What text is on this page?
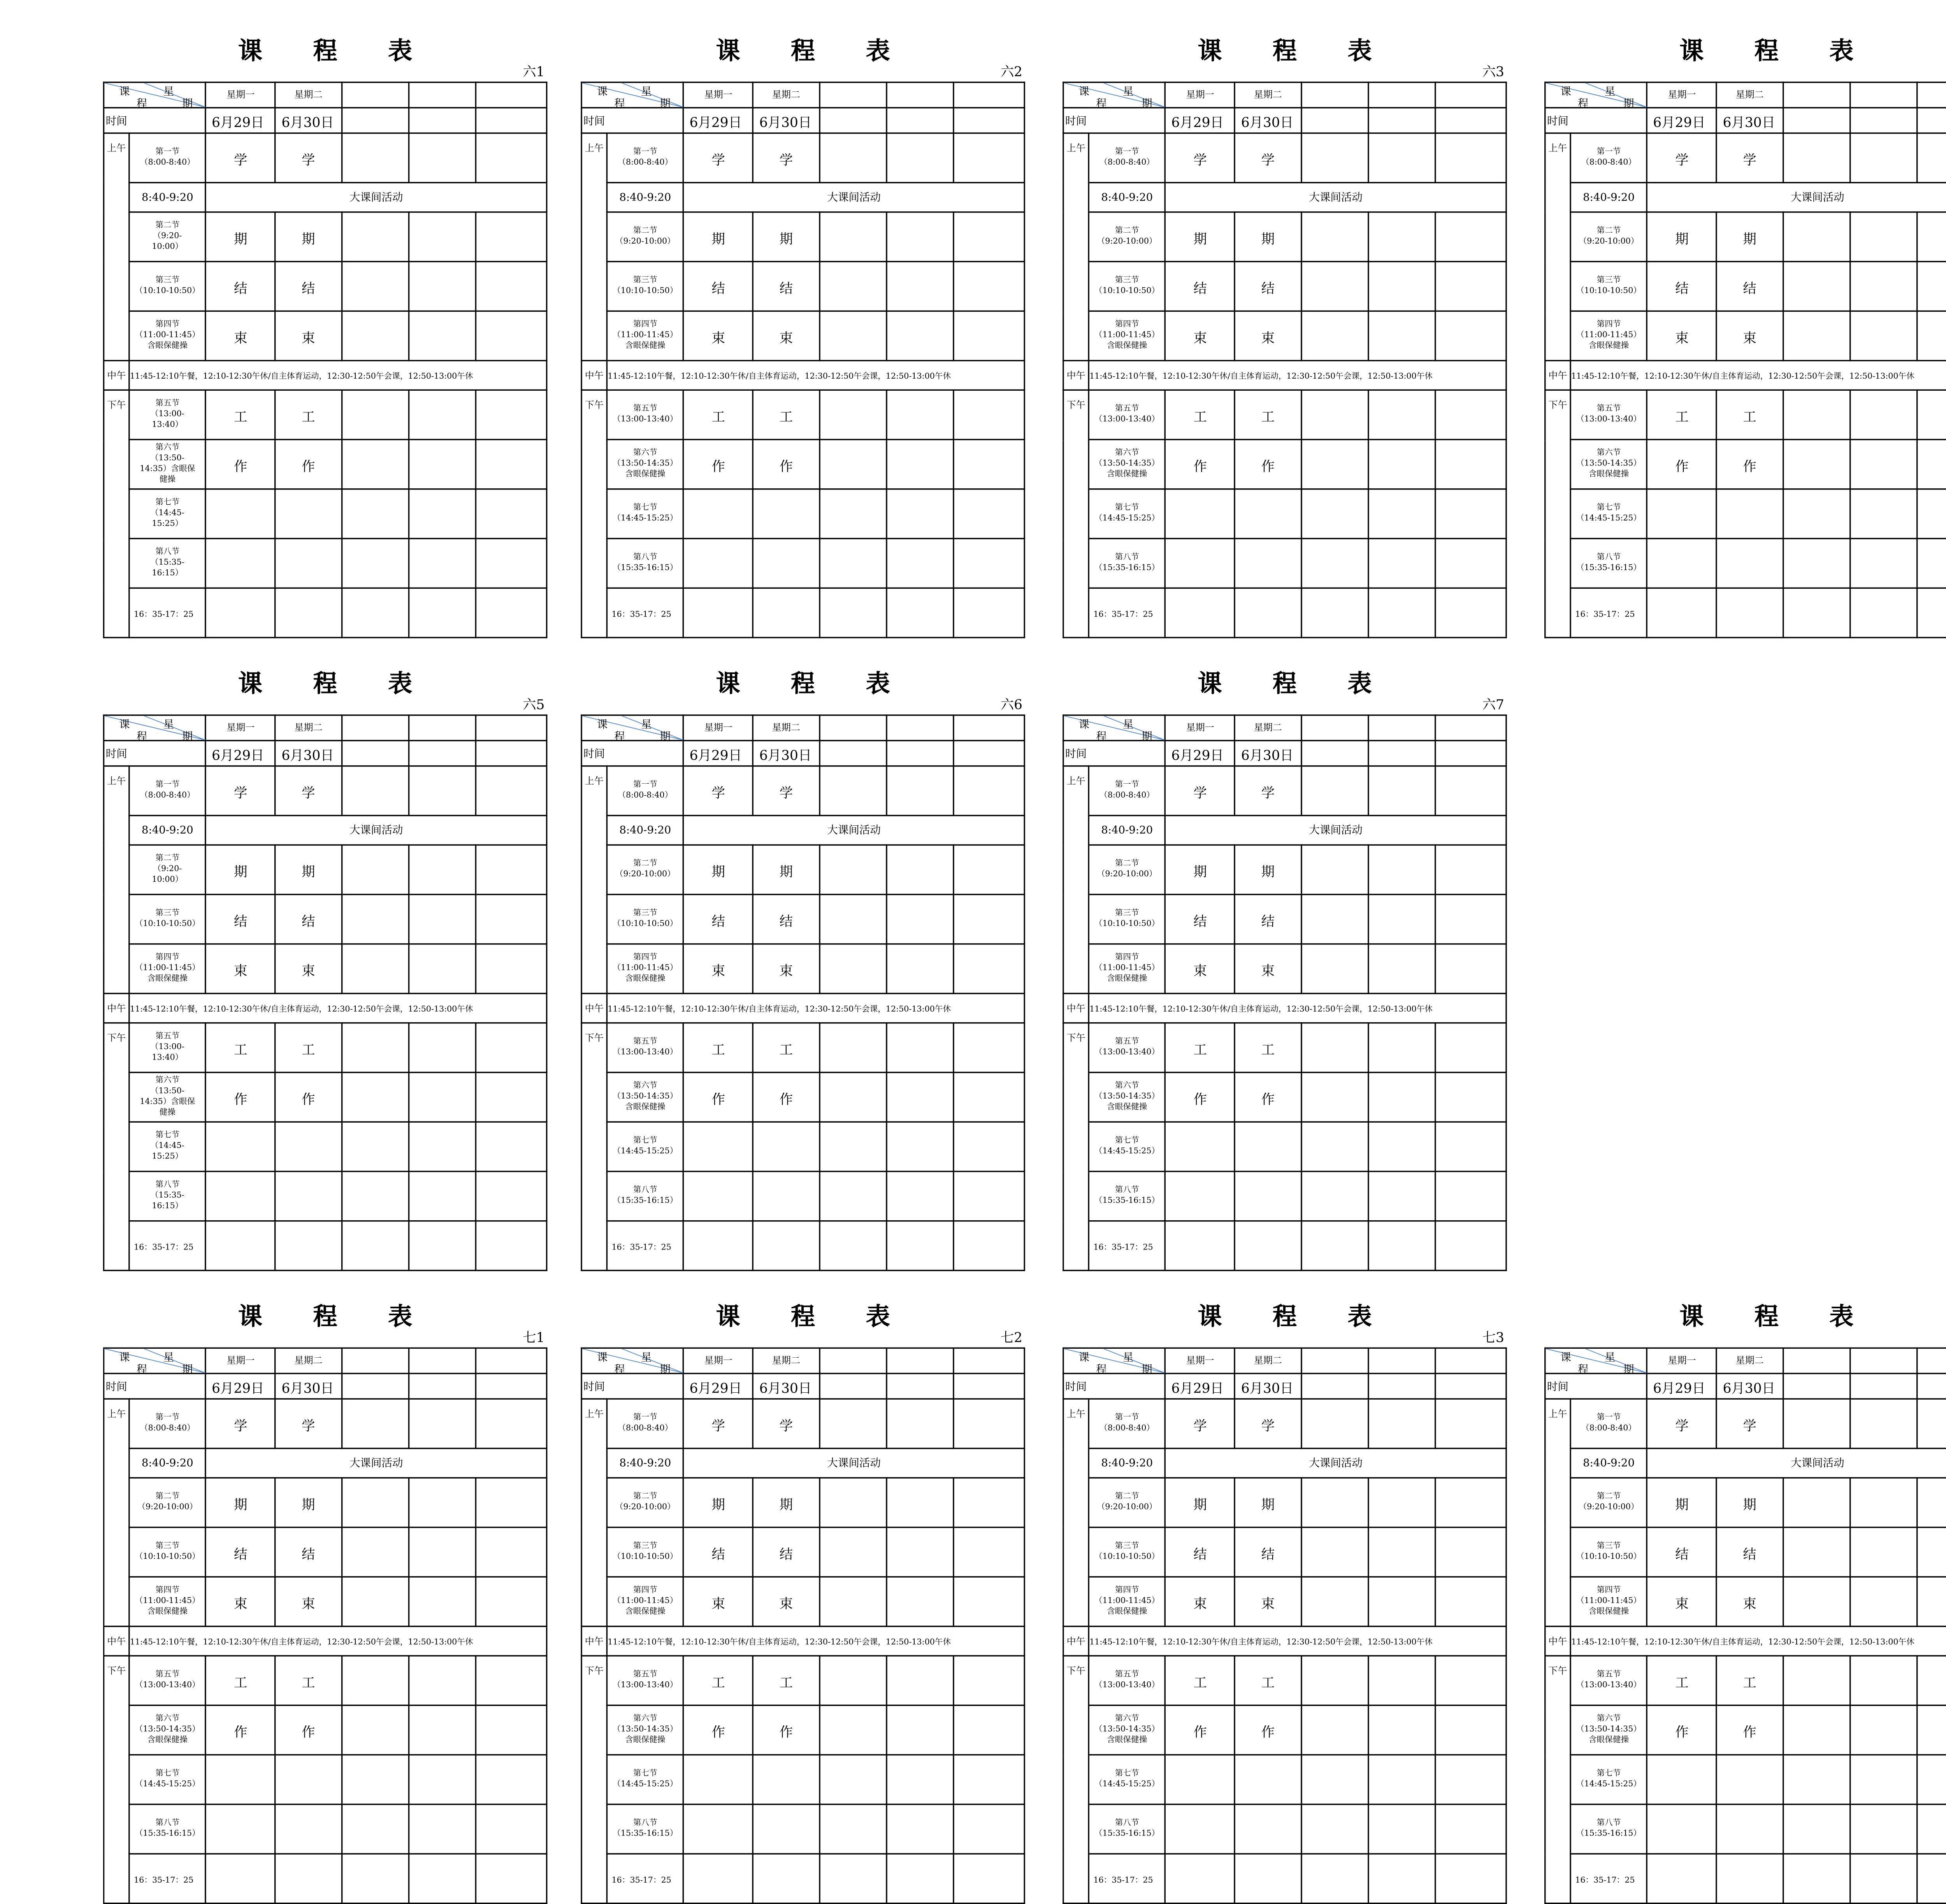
课程表
六1
课 星
程 期		星期一	星期二			
时间		6月29日	6月30日			
上午	第一节
（8:00-8:40）	学	学			
	8:40-9:20	大课间活动				
	第二节
（9:20-
10:00）	期	期			
	第三节
（10:10-10:50）	结	结			
	第四节
（11:00-11:45）
含眼保健操	束	束			
中午	11:45-12:10午餐，12:10-12:30午休/自主体育运动，12:30-12:50午会课，12:50-13:00午休					
下午	第五节
（13:00-
13:40）	工	工			
	第六节
（13:50-
14:35）含眼保
健操	作	作			
	第七节
（14:45-
15:25）					
	第八节
（15:35-
16:15）					
	16：35-17：25					
课程表
六2
课 星
程 期		星期一	星期二			
时间		6月29日	6月30日			
上午	第一节
（8:00-8:40）	学	学			
	8:40-9:20	大课间活动				
	第二节
（9:20-10:00）	期	期			
	第三节
（10:10-10:50）	结	结			
	第四节
（11:00-11:45）
含眼保健操	束	束			
中午	11:45-12:10午餐，12:10-12:30午休/自主体育运动，12:30-12:50午会课，12:50-13:00午休					
下午	第五节
（13:00-13:40）	工	工			
	第六节
（13:50-14:35）
含眼保健操	作	作			
	第七节
（14:45-15:25）					
	第八节
（15:35-16:15）					
	16：35-17：25					
课程表
六3
课 星
程 期		星期一	星期二			
时间		6月29日	6月30日			
上午	第一节
（8:00-8:40）	学	学			
	8:40-9:20	大课间活动				
	第二节
（9:20-10:00）	期	期			
	第三节
（10:10-10:50）	结	结			
	第四节
（11:00-11:45）
含眼保健操	束	束			
中午	11:45-12:10午餐，12:10-12:30午休/自主体育运动，12:30-12:50午会课，12:50-13:00午休					
下午	第五节
（13:00-13:40）	工	工			
	第六节
（13:50-14:35）
含眼保健操	作	作			
	第七节
（14:45-15:25）					
	第八节
（15:35-16:15）					
	16：35-17：25					
课程表
课 星
程 期		星期一	星期二			
时间		6月29日	6月30日			
上午	第一节
（8:00-8:40）	学	学			
	8:40-9:20	大课间活动				
	第二节
（9:20-10:00）	期	期			
	第三节
（10:10-10:50）	结	结			
	第四节
（11:00-11:45）
含眼保健操	束	束			
中午	11:45-12:10午餐，12:10-12:30午休/自主体育运动，12:30-12:50午会课，12:50-13:00午休					
下午	第五节
（13:00-13:40）	工	工			
	第六节
（13:50-14:35）
含眼保健操	作	作			
	第七节
（14:45-15:25）					
	第八节
（15:35-16:15）					
	16：35-17：25					
课程表
六5
课 星
程 期		星期一	星期二			
时间		6月29日	6月30日			
上午	第一节
（8:00-8:40）	学	学			
	8:40-9:20	大课间活动				
	第二节
（9:20-
10:00）	期	期			
	第三节
（10:10-10:50）	结	结			
	第四节
（11:00-11:45）
含眼保健操	束	束			
中午	11:45-12:10午餐，12:10-12:30午休/自主体育运动，12:30-12:50午会课，12:50-13:00午休					
下午	第五节
（13:00-
13:40）	工	工			
	第六节
（13:50-
14:35）含眼保
健操	作	作			
	第七节
（14:45-
15:25）					
	第八节
（15:35-
16:15）					
	16：35-17：25					
课程表
六6
课 星
程 期		星期一	星期二			
时间		6月29日	6月30日			
上午	第一节
（8:00-8:40）	学	学			
	8:40-9:20	大课间活动				
	第二节
（9:20-10:00）	期	期			
	第三节
（10:10-10:50）	结	结			
	第四节
（11:00-11:45）
含眼保健操	束	束			
中午	11:45-12:10午餐，12:10-12:30午休/自主体育运动，12:30-12:50午会课，12:50-13:00午休					
下午	第五节
（13:00-13:40）	工	工			
	第六节
（13:50-14:35）
含眼保健操	作	作			
	第七节
（14:45-15:25）					
	第八节
（15:35-16:15）					
	16：35-17：25					
课程表
六7
课 星
程 期		星期一	星期二			
时间		6月29日	6月30日			
上午	第一节
（8:00-8:40）	学	学			
	8:40-9:20	大课间活动				
	第二节
（9:20-10:00）	期	期			
	第三节
（10:10-10:50）	结	结			
	第四节
（11:00-11:45）
含眼保健操	束	束			
中午	11:45-12:10午餐，12:10-12:30午休/自主体育运动，12:30-12:50午会课，12:50-13:00午休					
下午	第五节
（13:00-13:40）	工	工			
	第六节
（13:50-14:35）
含眼保健操	作	作			
	第七节
（14:45-15:25）					
	第八节
（15:35-16:15）					
	16：35-17：25					
课程表
七1
课 星
程 期		星期一	星期二			
时间		6月29日	6月30日			
上午	第一节
（8:00-8:40）	学	学			
	8:40-9:20	大课间活动				
	第二节
（9:20-10:00）	期	期			
	第三节
（10:10-10:50）	结	结			
	第四节
（11:00-11:45）
含眼保健操	束	束			
中午	11:45-12:10午餐，12:10-12:30午休/自主体育运动，12:30-12:50午会课，12:50-13:00午休					
下午	第五节
（13:00-13:40）	工	工			
	第六节
（13:50-14:35）
含眼保健操	作	作			
	第七节
（14:45-15:25）					
	第八节
（15:35-16:15）					
	16：35-17：25					
课程表
七2
课 星
程 期		星期一	星期二			
时间		6月29日	6月30日			
上午	第一节
（8:00-8:40）	学	学			
	8:40-9:20	大课间活动				
	第二节
（9:20-10:00）	期	期			
	第三节
（10:10-10:50）	结	结			
	第四节
（11:00-11:45）
含眼保健操	束	束			
中午	11:45-12:10午餐，12:10-12:30午休/自主体育运动，12:30-12:50午会课，12:50-13:00午休					
下午	第五节
（13:00-13:40）	工	工			
	第六节
（13:50-14:35）
含眼保健操	作	作			
	第七节
（14:45-15:25）					
	第八节
（15:35-16:15）					
	16：35-17：25					
课程表
七3
课 星
程 期		星期一	星期二			
时间		6月29日	6月30日			
上午	第一节
（8:00-8:40）	学	学			
	8:40-9:20	大课间活动				
	第二节
（9:20-10:00）	期	期			
	第三节
（10:10-10:50）	结	结			
	第四节
（11:00-11:45）
含眼保健操	束	束			
中午	11:45-12:10午餐，12:10-12:30午休/自主体育运动，12:30-12:50午会课，12:50-13:00午休					
下午	第五节
（13:00-13:40）	工	工			
	第六节
（13:50-14:35）
含眼保健操	作	作			
	第七节
（14:45-15:25）					
	第八节
（15:35-16:15）					
	16：35-17：25					
课程表
课 星
程 期		星期一	星期二			
时间		6月29日	6月30日			
上午	第一节
（8:00-8:40）	学	学			
	8:40-9:20	大课间活动				
	第二节
（9:20-10:00）	期	期			
	第三节
（10:10-10:50）	结	结			
	第四节
（11:00-11:45）
含眼保健操	束	束			
中午	11:45-12:10午餐，12:10-12:30午休/自主体育运动，12:30-12:50午会课，12:50-13:00午休					
下午	第五节
（13:00-13:40）	工	工			
	第六节
（13:50-14:35）
含眼保健操	作	作			
	第七节
（14:45-15:25）					
	第八节
（15:35-16:15）					
	16：35-17：25					
